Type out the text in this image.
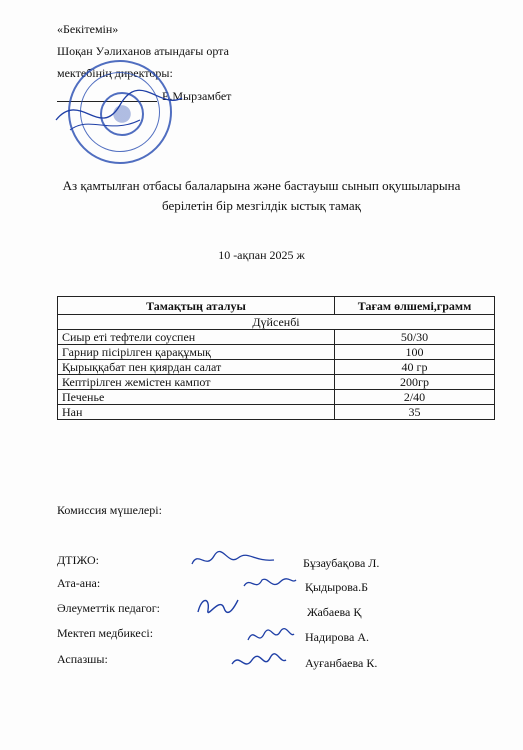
«Бекітемін»
Шоқан Уәлиханов атындағы орта
мектебінің директоры:
Е.Мырзамбет
Аз қамтылған отбасы балаларына және бастауыш сынып оқушыларына
берілетін бір мезгілдік ыстық тамақ
10 -ақпан 2025 ж
Тамақтың аталуы	Тағам өлшемі,грамм
Дүйсенбі	
Сиыр еті тефтели соуспен	50/30
Гарнир пісірілген қарақұмық	100
Қырыққабат пен қиярдан салат	40 гр
Кептірілген жемістен кампот	200гр
Печенье	2/40
Нан	35
Комиссия мүшелері:
ДТІЖО:	Бұзаубақова Л.
Ата-ана:	Қыдырова.Б
Әлеуметтік педагог:	Жабаева Қ
Мектеп медбикесі:	Надирова А.
Аспазшы:	Ауғанбаева К.
